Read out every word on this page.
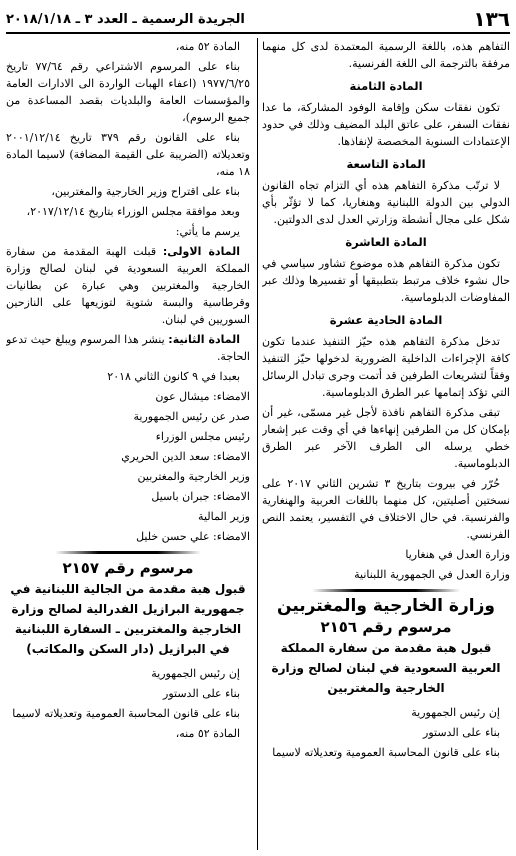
١٣٦
الجريدة الرسمية ـ العدد ٣ ـ ٢٠١٨/١/١٨

التفاهم هذه، باللغة الرسمية المعتمدة لدى كل منهما مرفقة بالترجمة الى اللغة الفرنسية.

المادة الثامنة

تكون نفقات سكن وإقامة الوفود المشاركة، ما عدا نفقات السفر، على عاتق البلد المضيف وذلك في حدود الإعتمادات السنوية المخصصة لإنفاذها.

المادة التاسعة

لا ترتّب مذكرة التفاهم هذه أي التزام تجاه القانون الدولي بين الدولة اللبنانية وهنغاريا، كما لا تؤثّر بأي شكل على مجال أنشطة وزارتي العدل لدى الدولتين.

المادة العاشرة

تكون مذكرة التفاهم هذه موضوع تشاور سياسي في حال نشوء خلاف مرتبط بتطبيقها أو تفسيرها وذلك عبر المفاوضات الدبلوماسية.

المادة الحادية عشرة

تدخل مذكرة التفاهم هذه حيّز التنفيذ عندما تكون كافة الإجراءات الداخلية الضرورية لدخولها حيّز التنفيذ وفقاً لتشريعات الطرفين قد أتمت وجرى تبادل الرسائل التي تؤكد إتمامها عبر الطرق الدبلوماسية.

تبقى مذكرة التفاهم نافذة لأجل غير مسمّى، غير أن بإمكان كل من الطرفين إنهاءها في أي وقت عبر إشعار خطي يرسله الى الطرف الآخر عبر الطرق الدبلوماسية.

حُرّر في بيروت بتاريخ ٣ تشرين الثاني ٢٠١٧ على نسختين أصليتين، كل منهما باللغات العربية والهنغارية والفرنسية. في حال الاختلاف في التفسير، يعتمد النص الفرنسي.

وزارة العدل في هنغاريا

وزارة العدل في الجمهورية اللبنانية

وزارة الخارجية والمغتربين
مرسوم رقم ٢١٥٦
قبول هبة مقدمة من سفارة المملكة العربية السعودية في لبنان لصالح وزارة الخارجية والمغتربين

إن رئيس الجمهورية

بناء على الدستور

بناء على قانون المحاسبة العمومية وتعديلاته لاسيما

المادة ٥٢ منه،

بناء على المرسوم الاشتراعي رقم ٧٧/٦٤ تاريخ ١٩٧٧/٦/٢٥ (اعفاء الهبات الواردة الى الادارات العامة والمؤسسات العامة والبلديات بقصد المساعدة من جميع الرسوم)،

بناء على القانون رقم ٣٧٩ تاريخ ٢٠٠١/١٢/١٤ وتعديلاته (الضريبة على القيمة المضافة) لاسيما المادة ١٨ منه،

بناء على اقتراح وزير الخارجية والمغتربين،

وبعد موافقة مجلس الوزراء بتاريخ ٢٠١٧/١٢/١٤،

يرسم ما يأتي:

المادة الاولى: قبلت الهبة المقدمة من سفارة المملكة العربية السعودية في لبنان لصالح وزارة الخارجية والمغتربين وهي عبارة عن بطانيات وقرطاسية والبسة شتوية لتوزيعها على النازحين السوريين في لبنان.

المادة الثانية: ينشر هذا المرسوم ويبلغ حيث تدعو الحاجة.

بعبدا في ٩ كانون الثاني ٢٠١٨

الامضاء: ميشال عون

صدر عن رئيس الجمهورية

رئيس مجلس الوزراء

الامضاء: سعد الدين الحريري

وزير الخارجية والمغتربين

الامضاء: جبران باسيل

وزير المالية

الامضاء: علي حسن خليل

مرسوم رقم ٢١٥٧
قبول هبة مقدمة من الجالية اللبنانية في جمهورية البرازيل الفدرالية لصالح وزارة الخارجية والمغتربين ـ السفارة اللبنانية في البرازيل (دار السكن والمكاتب)

إن رئيس الجمهورية

بناء على الدستور

بناء على قانون المحاسبة العمومية وتعديلاته لاسيما

المادة ٥٢ منه،
